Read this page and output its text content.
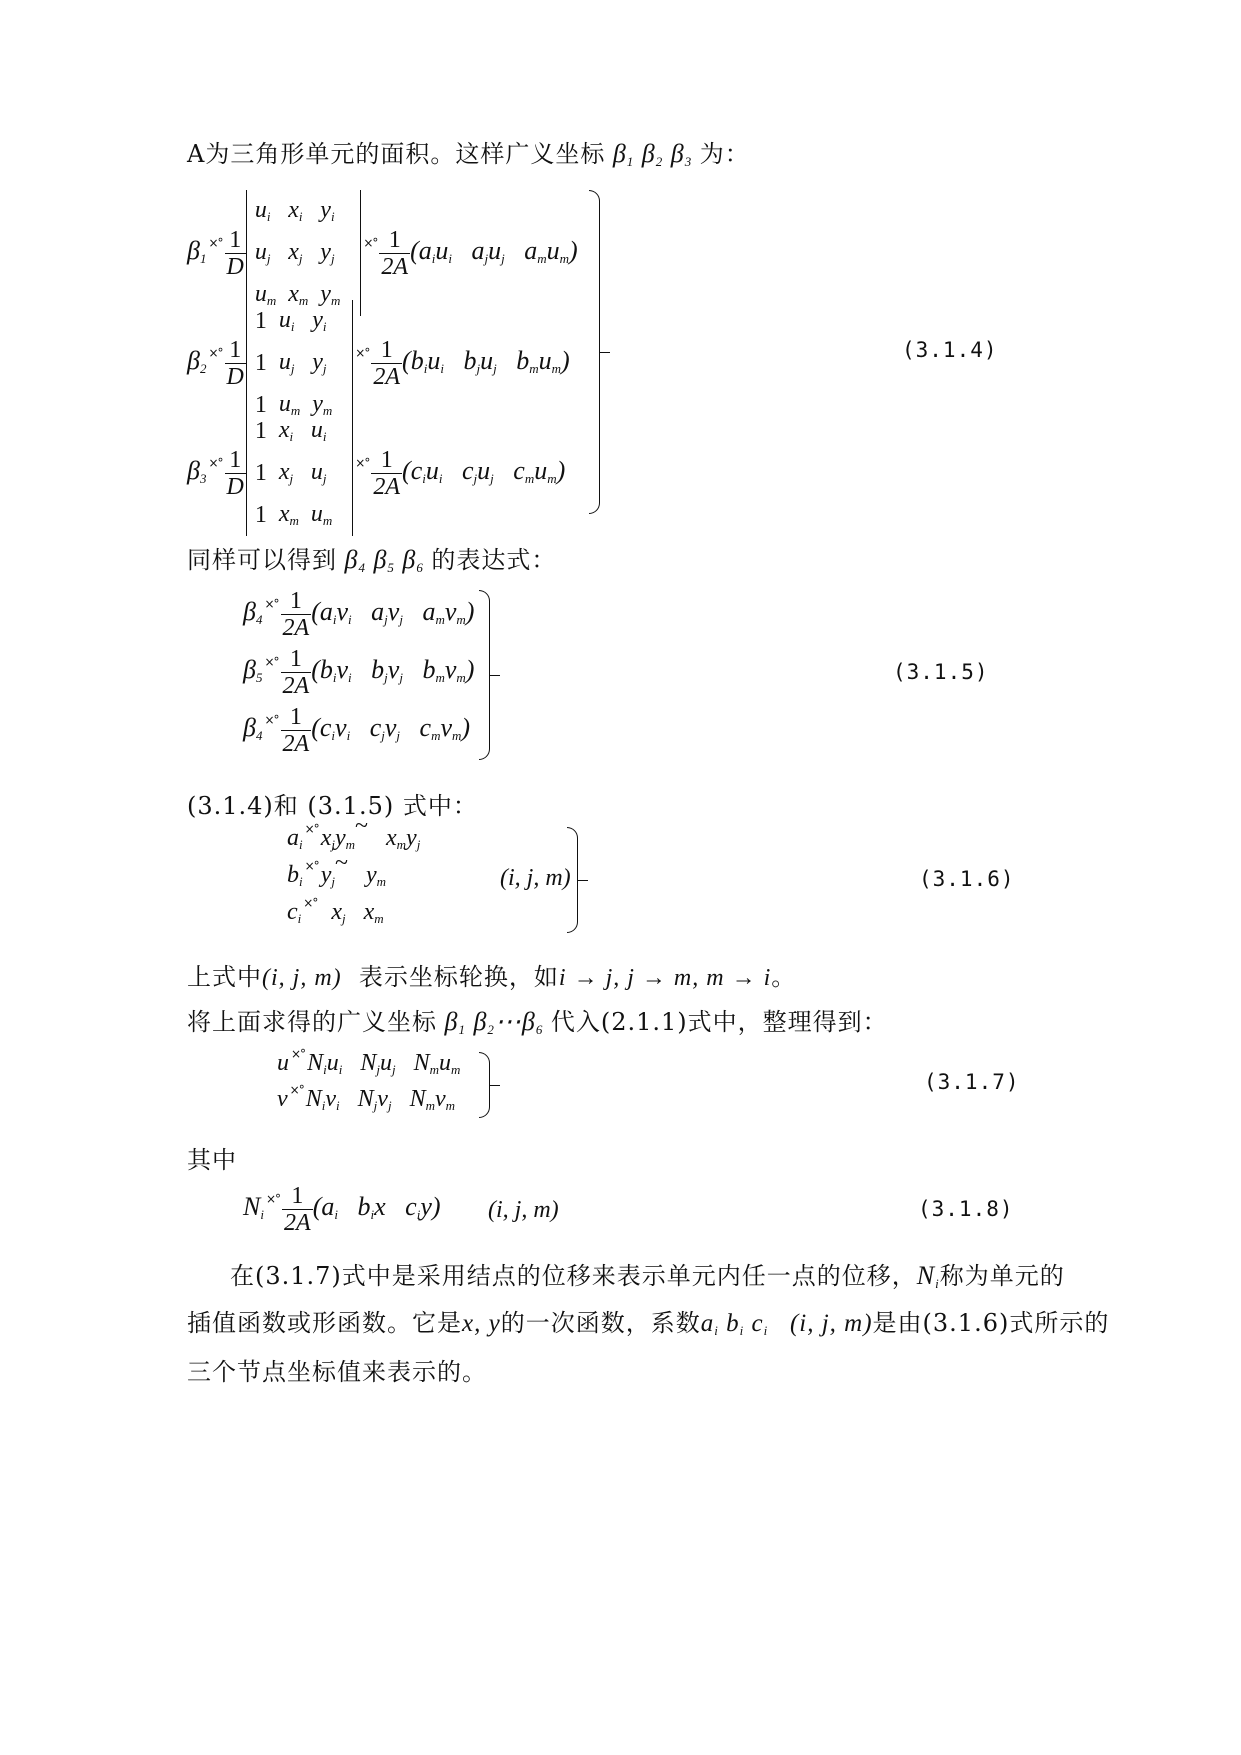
A为三角形单元的面积。这样广义坐标 $\beta_1$ $\beta_2$ $\beta_3$ 为：
$\beta_1^{\times^\circ} \frac{1}{D}$
$u_i$	$x_i$	$y_i$
$u_j$	$x_j$	$y_j$
$u_m$	$x_m$	$y_m$
$^{\times^\circ} \frac{1}{2A} (a_iu_i$   $a_ju_j$   $a_mu_m$)
$\beta_2^{\times^\circ} \frac{1}{D}$
1	$u_i$	$y_i$
1	$u_j$	$y_j$
1	$u_m$	$y_m$
$^{\times^\circ} \frac{1}{2A} (b_iu_i$   $b_ju_j$   $b_mu_m$)
$\beta_3^{\times^\circ} \frac{1}{D}$
1	$x_i$	$u_i$
1	$x_j$	$u_j$
1	$x_m$	$u_m$
$^{\times^\circ} \frac{1}{2A} (c_iu_i$   $c_ju_j$   $c_mu_m$)
(3.1.4)
同样可以得到 $\beta_4$ $\beta_5$ $\beta_6$ 的表达式：
$\beta_4^{\times^\circ} \frac{1}{2A} (a_iv_i$   $a_jv_j$   $a_mv_m$)
$\beta_5^{\times^\circ} \frac{1}{2A} (b_iv_i$   $b_jv_j$   $b_mv_m$)
$\beta_4^{\times^\circ} \frac{1}{2A} (c_iv_i$   $c_jv_j$   $c_mv_m$)
(3.1.5)
(3.1.4)和 (3.1.5) 式中：
$a_i^{\times^\circ}x_jy_m\sim$   $x_my_j$
$b_i^{\times^\circ}y_j\sim$   $y_m$
$c_i^{\times^\circ}$  $x_j$   $x_m$
(i, j, m)	(3.1.6)
上式中(i, j, m) 表示坐标轮换，如i → j, j → m, m → i。
将上面求得的广义坐标 $\beta_1$ $\beta_2\cdots\beta_6$ 代入(2.1.1)式中，整理得到：
u $^{\times^\circ}N_iu_i$   $N_ju_j$   $N_mu_m$
v $^{\times^\circ}N_iv_i$   $N_jv_j$   $N_mv_m$
(3.1.7)
其中
$N_i^{\times^\circ} \frac{1}{2A} (a_i$   $b_ix$   $c_iy$) (i, j, m)	(3.1.8)
在(3.1.7)式中是采用结点的位移来表示单元内任一点的位移，$N_i$称为单元的
插值函数或形函数。它是x, y的一次函数，系数$a_i$ $b_i$ $c_i$ (i, j, m)是由(3.1.6)式所示的
三个节点坐标值来表示的。
